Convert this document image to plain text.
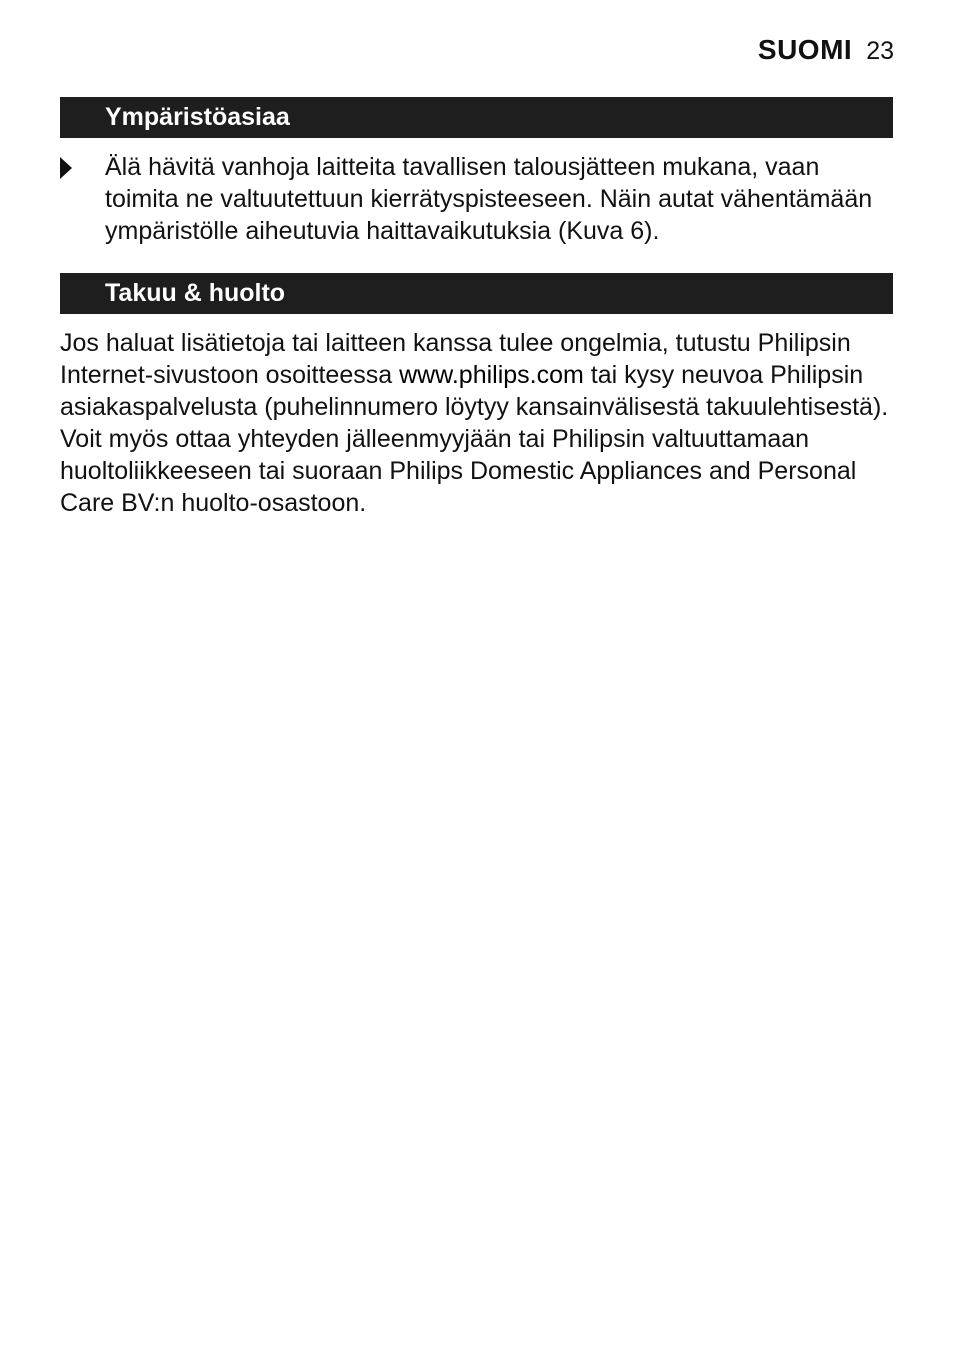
SUOMI 23
Ympäristöasiaa
Älä hävitä vanhoja laitteita tavallisen talousjätteen mukana, vaan toimita ne valtuutettuun kierrätyspisteeseen. Näin autat vähentämään ympäristölle aiheutuvia haittavaikutuksia (Kuva 6).
Takuu & huolto
Jos haluat lisätietoja tai laitteen kanssa tulee ongelmia, tutustu Philipsin Internet-sivustoon osoitteessa www.philips.com tai kysy neuvoa Philipsin asiakaspalvelusta (puhelinnumero löytyy kansainvälisestä takuulehtisestä). Voit myös ottaa yhteyden jälleenmyyjään tai Philipsin valtuuttamaan huoltoliikkeeseen tai suoraan Philips Domestic Appliances and Personal Care BV:n huolto-osastoon.
